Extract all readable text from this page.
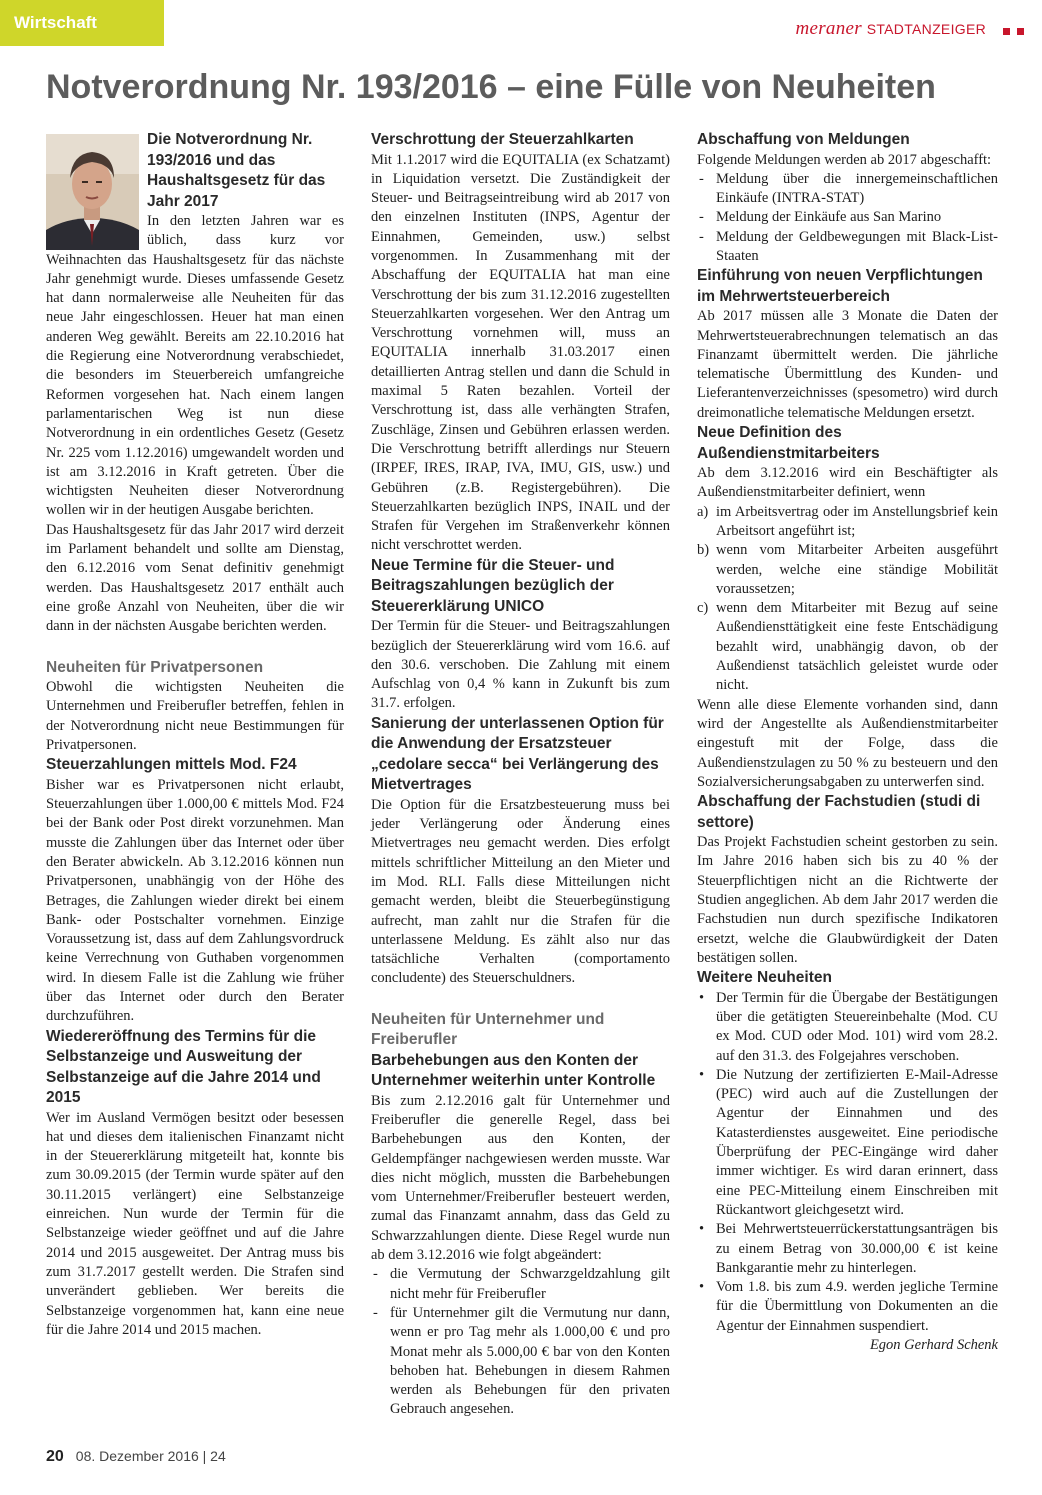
Wirtschaft	meraner STADTANZEIGER
Notverordnung Nr. 193/2016 – eine Fülle von Neuheiten
Die Notverordnung Nr. 193/2016 und das Haushaltsgesetz für das Jahr 2017

In den letzten Jahren war es üblich, dass kurz vor Weihnachten das Haushaltsgesetz für das nächste Jahr genehmigt wurde. Dieses umfassende Gesetz hat dann normalerweise alle Neuheiten für das neue Jahr eingeschlossen. Heuer hat man einen anderen Weg gewählt. Bereits am 22.10.2016 hat die Regierung eine Notverordnung verabschiedet, die besonders im Steuerbereich umfangreiche Reformen vorgesehen hat. Nach einem langen parlamentarischen Weg ist nun diese Notverordnung in ein ordentliches Gesetz (Gesetz Nr. 225 vom 1.12.2016) umgewandelt worden und ist am 3.12.2016 in Kraft getreten. Über die wichtigsten Neuheiten dieser Notverordnung wollen wir in der heutigen Ausgabe berichten.

Das Haushaltsgesetz für das Jahr 2017 wird derzeit im Parlament behandelt und sollte am Dienstag, den 6.12.2016 vom Senat definitiv genehmigt werden. Das Haushaltsgesetz 2017 enthält auch eine große Anzahl von Neuheiten, über die wir dann in der nächsten Ausgabe berichten werden.

Neuheiten für Privatpersonen

Obwohl die wichtigsten Neuheiten die Unternehmen und Freiberufler betreffen, fehlen in der Notverordnung nicht neue Bestimmungen für Privatpersonen.

Steuerzahlungen mittels Mod. F24

Bisher war es Privatpersonen nicht erlaubt, Steuerzahlungen über 1.000,00 € mittels Mod. F24 bei der Bank oder Post direkt vorzunehmen. Man musste die Zahlungen über das Internet oder über den Berater abwickeln. Ab 3.12.2016 können nun Privatpersonen, unabhängig von der Höhe des Betrages, die Zahlungen wieder direkt bei einem Bank- oder Postschalter vornehmen. Einzige Voraussetzung ist, dass auf dem Zahlungsvordruck keine Verrechnung von Guthaben vorgenommen wird. In diesem Falle ist die Zahlung wie früher über das Internet oder durch den Berater durchzuführen.

Wiedereröffnung des Termins für die Selbstanzeige und Ausweitung der Selbstanzeige auf die Jahre 2014 und 2015

Wer im Ausland Vermögen besitzt oder besessen hat und dieses dem italienischen Finanzamt nicht in der Steuererklärung mitgeteilt hat, konnte bis zum 30.09.2015 (der Termin wurde später auf den 30.11.2015 verlängert) eine Selbstanzeige einreichen. Nun wurde der Termin für die Selbstanzeige wieder geöffnet und auf die Jahre 2014 und 2015 ausgeweitet. Der Antrag muss bis zum 31.7.2017 gestellt werden. Die Strafen sind unverändert geblieben. Wer bereits die Selbstanzeige vorgenommen hat, kann eine neue für die Jahre 2014 und 2015 machen.

Verschrottung der Steuerzahlkarten

Mit 1.1.2017 wird die EQUITALIA (ex Schatzamt) in Liquidation versetzt. Die Zuständigkeit der Steuer- und Beitragseintreibung wird ab 2017 von den einzelnen Instituten (INPS, Agentur der Einnahmen, Gemeinden, usw.) selbst vorgenommen. In Zusammenhang mit der Abschaffung der EQUITALIA hat man eine Verschrottung der bis zum 31.12.2016 zugestellten Steuerzahlkarten vorgesehen. Wer den Antrag um Verschrottung vornehmen will, muss an EQUITALIA innerhalb 31.03.2017 einen detaillierten Antrag stellen und dann die Schuld in maximal 5 Raten bezahlen. Vorteil der Verschrottung ist, dass alle verhängten Strafen, Zuschläge, Zinsen und Gebühren erlassen werden. Die Verschrottung betrifft allerdings nur Steuern (IRPEF, IRES, IRAP, IVA, IMU, GIS, usw.) und Gebühren (z.B. Registergebühren). Die Steuerzahlkarten bezüglich INPS, INAIL und der Strafen für Vergehen im Straßenverkehr können nicht verschrottet werden.

Neue Termine für die Steuer- und Beitragszahlungen bezüglich der Steuererklärung UNICO

Der Termin für die Steuer- und Beitragszahlungen bezüglich der Steuererklärung wird vom 16.6. auf den 30.6. verschoben. Die Zahlung mit einem Aufschlag von 0,4 % kann in Zukunft bis zum 31.7. erfolgen.

Sanierung der unterlassenen Option für die Anwendung der Ersatzsteuer „cedolare secca“ bei Verlängerung des Mietvertrages

Die Option für die Ersatzbesteuerung muss bei jeder Verlängerung oder Änderung eines Mietvertrages neu gemacht werden. Dies erfolgt mittels schriftlicher Mitteilung an den Mieter und im Mod. RLI. Falls diese Mitteilungen nicht gemacht werden, bleibt die Steuerbegünstigung aufrecht, man zahlt nur die Strafen für die unterlassene Meldung. Es zählt also nur das tatsächliche Verhalten (comportamento concludente) des Steuerschuldners.

Neuheiten für Unternehmer und Freiberufler
Barbehebungen aus den Konten der Unternehmer weiterhin unter Kontrolle

Bis zum 2.12.2016 galt für Unternehmer und Freiberufler die generelle Regel, dass bei Barbehebungen aus den Konten, der Geldempfänger nachgewiesen werden musste. War dies nicht möglich, mussten die Barbehebungen vom Unternehmer/Freiberufler besteuert werden, zumal das Finanzamt annahm, dass das Geld zu Schwarzzahlungen diente. Diese Regel wurde nun ab dem 3.12.2016 wie folgt abgeändert:

- die Vermutung der Schwarzgeldzahlung gilt nicht mehr für Freiberufler
- für Unternehmer gilt die Vermutung nur dann, wenn er pro Tag mehr als 1.000,00 € und pro Monat mehr als 5.000,00 € bar von den Konten behoben hat. Behebungen in diesem Rahmen werden als Behebungen für den privaten Gebrauch angesehen.
Abschaffung von Meldungen

Folgende Meldungen werden ab 2017 abgeschafft:

- Meldung über die innergemeinschaftlichen Einkäufe (INTRA-STAT)
- Meldung der Einkäufe aus San Marino
- Meldung der Geldbewegungen mit Black-List-Staaten
Einführung von neuen Verpflichtungen im Mehrwertsteuerbereich

Ab 2017 müssen alle 3 Monate die Daten der Mehrwertsteuerabrechnungen telematisch an das Finanzamt übermittelt werden. Die jährliche telematische Übermittlung des Kunden- und Lieferantenverzeichnisses (spesometro) wird durch dreimonatliche telematische Meldungen ersetzt.

Neue Definition des Außendienstmitarbeiters

Ab dem 3.12.2016 wird ein Beschäftigter als Außendienstmitarbeiter definiert, wenn

a) im Arbeitsvertrag oder im Anstellungsbrief kein Arbeitsort angeführt ist;
b) wenn vom Mitarbeiter Arbeiten ausgeführt werden, welche eine ständige Mobilität voraussetzen;
c) wenn dem Mitarbeiter mit Bezug auf seine Außendiensttätigkeit eine feste Entschädigung bezahlt wird, unabhängig davon, ob der Außendienst tatsächlich geleistet wurde oder nicht.

Wenn alle diese Elemente vorhanden sind, dann wird der Angestellte als Außendienstmitarbeiter eingestuft mit der Folge, dass die Außendienstzulagen zu 50 % zu besteuern und den Sozialversicherungsabgaben zu unterwerfen sind.

Abschaffung der Fachstudien (studi di settore)

Das Projekt Fachstudien scheint gestorben zu sein. Im Jahre 2016 haben sich bis zu 40 % der Steuerpflichtigen nicht an die Richtwerte der Studien angeglichen. Ab dem Jahr 2017 werden die Fachstudien nun durch spezifische Indikatoren ersetzt, welche die Glaubwürdigkeit der Daten bestätigen sollen.

Weitere Neuheiten
• Der Termin für die Übergabe der Bestätigungen über die getätigten Steuereinbehalte (Mod. CU ex Mod. CUD oder Mod. 101) wird vom 28.2. auf den 31.3. des Folgejahres verschoben.
• Die Nutzung der zertifizierten E-Mail-Adresse (PEC) wird auch auf die Zustellungen der Agentur der Einnahmen und des Katasterdienstes ausgeweitet. Eine periodische Überprüfung der PEC-Eingänge wird daher immer wichtiger. Es wird daran erinnert, dass eine PEC-Mitteilung einem Einschreiben mit Rückantwort gleichgesetzt wird.
• Bei Mehrwertsteuerrückerstattungsanträgen bis zu einem Betrag von 30.000,00 € ist keine Bankgarantie mehr zu hinterlegen.
• Vom 1.8. bis zum 4.9. werden jegliche Termine für die Übermittlung von Dokumenten an die Agentur der Einnahmen suspendiert.

Egon Gerhard Schenk

20 08. Dezember 2016 | 24
